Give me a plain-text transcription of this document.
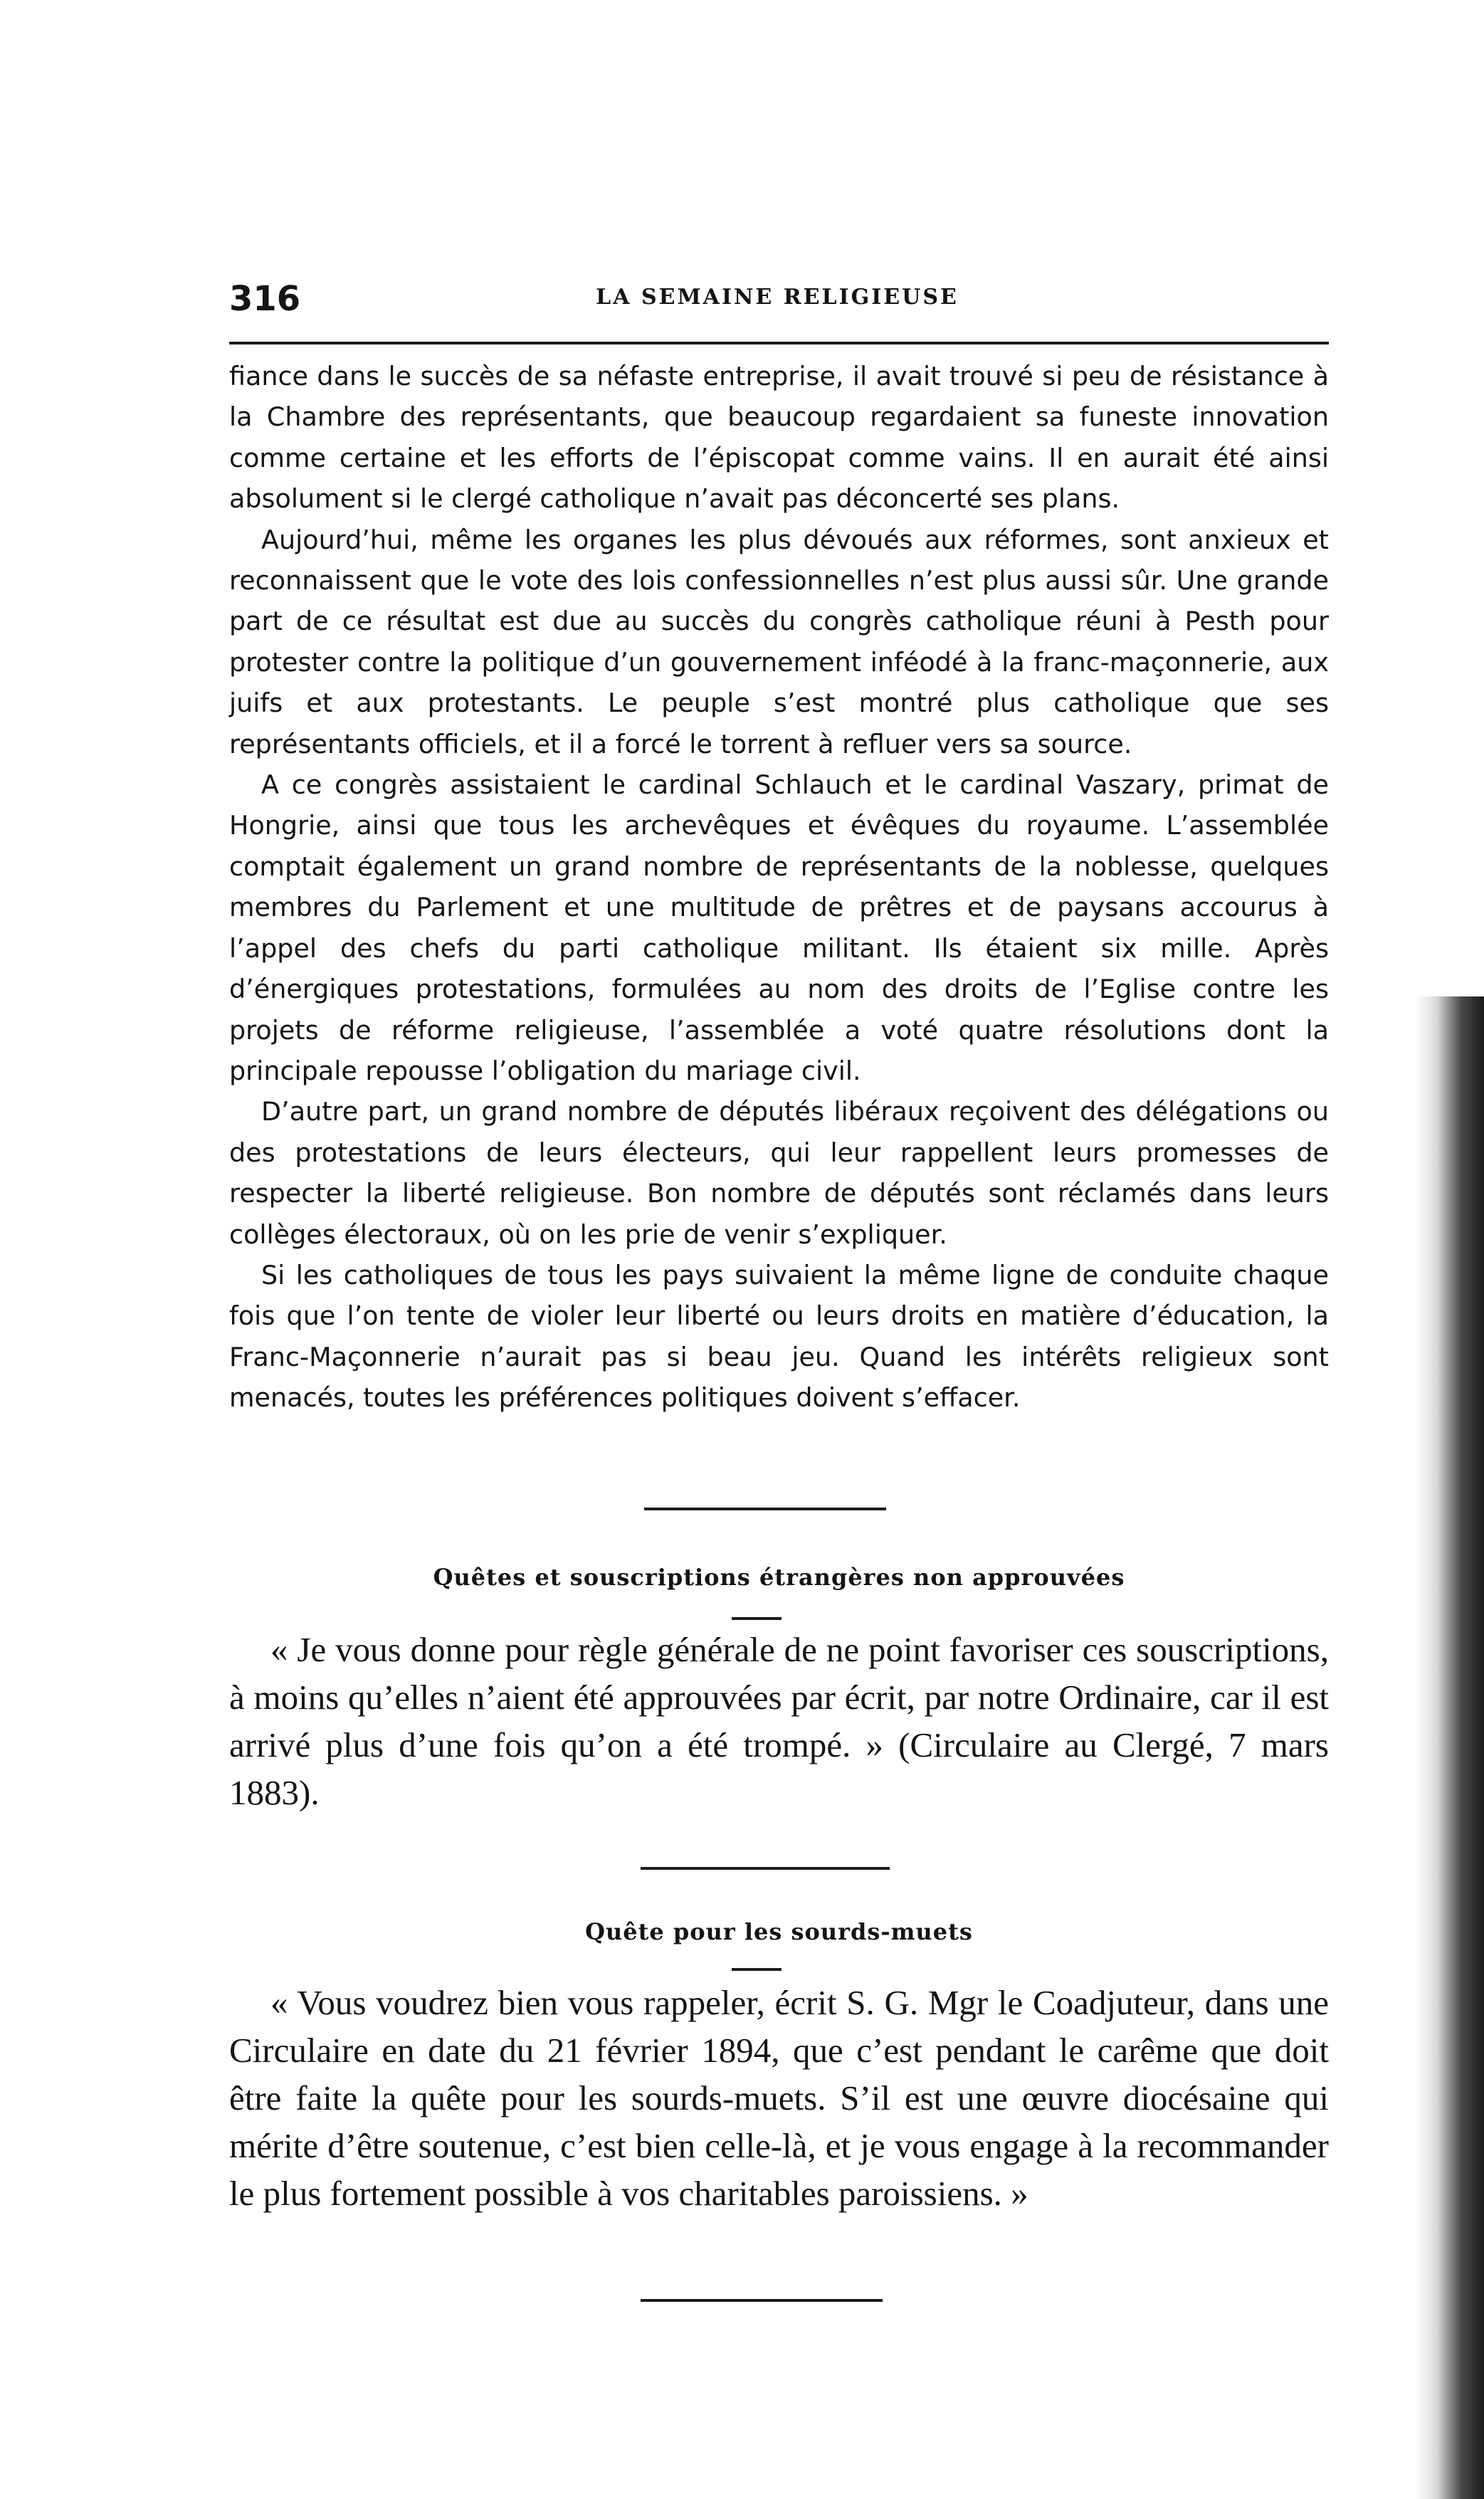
316	LA SEMAINE RELIGIEUSE

fiance dans le succès de sa néfaste entreprise, il avait trouvé si peu de résistance à la Chambre des représentants, que beaucoup regardaient sa funeste innovation comme certaine et les efforts de l’épiscopat comme vains. Il en aurait été ainsi absolument si le clergé catholique n’avait pas déconcerté ses plans.

Aujourd’hui, même les organes les plus dévoués aux réformes, sont anxieux et reconnaissent que le vote des lois confessionnelles n’est plus aussi sûr. Une grande part de ce résultat est due au succès du congrès catholique réuni à Pesth pour protester contre la politique d’un gouvernement inféodé à la franc-maçonnerie, aux juifs et aux protestants. Le peuple s’est montré plus catholique que ses représentants officiels, et il a forcé le torrent à refluer vers sa source.

A ce congrès assistaient le cardinal Schlauch et le cardinal Vaszary, primat de Hongrie, ainsi que tous les archevêques et évêques du royaume. L’assemblée comptait également un grand nombre de représentants de la noblesse, quelques membres du Parlement et une multitude de prêtres et de paysans accourus à l’appel des chefs du parti catholique militant. Ils étaient six mille. Après d’énergiques protestations, formulées au nom des droits de l’Eglise contre les projets de réforme religieuse, l’assemblée a voté quatre résolutions dont la principale repousse l’obligation du mariage civil.

D’autre part, un grand nombre de députés libéraux reçoivent des délégations ou des protestations de leurs électeurs, qui leur rappellent leurs promesses de respecter la liberté religieuse. Bon nombre de députés sont réclamés dans leurs collèges électoraux, où on les prie de venir s’expliquer.

Si les catholiques de tous les pays suivaient la même ligne de conduite chaque fois que l’on tente de violer leur liberté ou leurs droits en matière d’éducation, la Franc-Maçonnerie n’aurait pas si beau jeu. Quand les intérêts religieux sont menacés, toutes les préférences politiques doivent s’effacer.

Quêtes et souscriptions étrangères non approuvées

« Je vous donne pour règle générale de ne point favoriser ces souscriptions, à moins qu’elles n’aient été approuvées par écrit, par notre Ordinaire, car il est arrivé plus d’une fois qu’on a été trompé. » (Circulaire au Clergé, 7 mars 1883).

Quête pour les sourds-muets

« Vous voudrez bien vous rappeler, écrit S. G. Mgr le Coadjuteur, dans une Circulaire en date du 21 février 1894, que c’est pendant le carême que doit être faite la quête pour les sourds-muets. S’il est une œuvre diocésaine qui mérite d’être soutenue, c’est bien celle-là, et je vous engage à la recommander le plus fortement possible à vos charitables paroissiens. »
